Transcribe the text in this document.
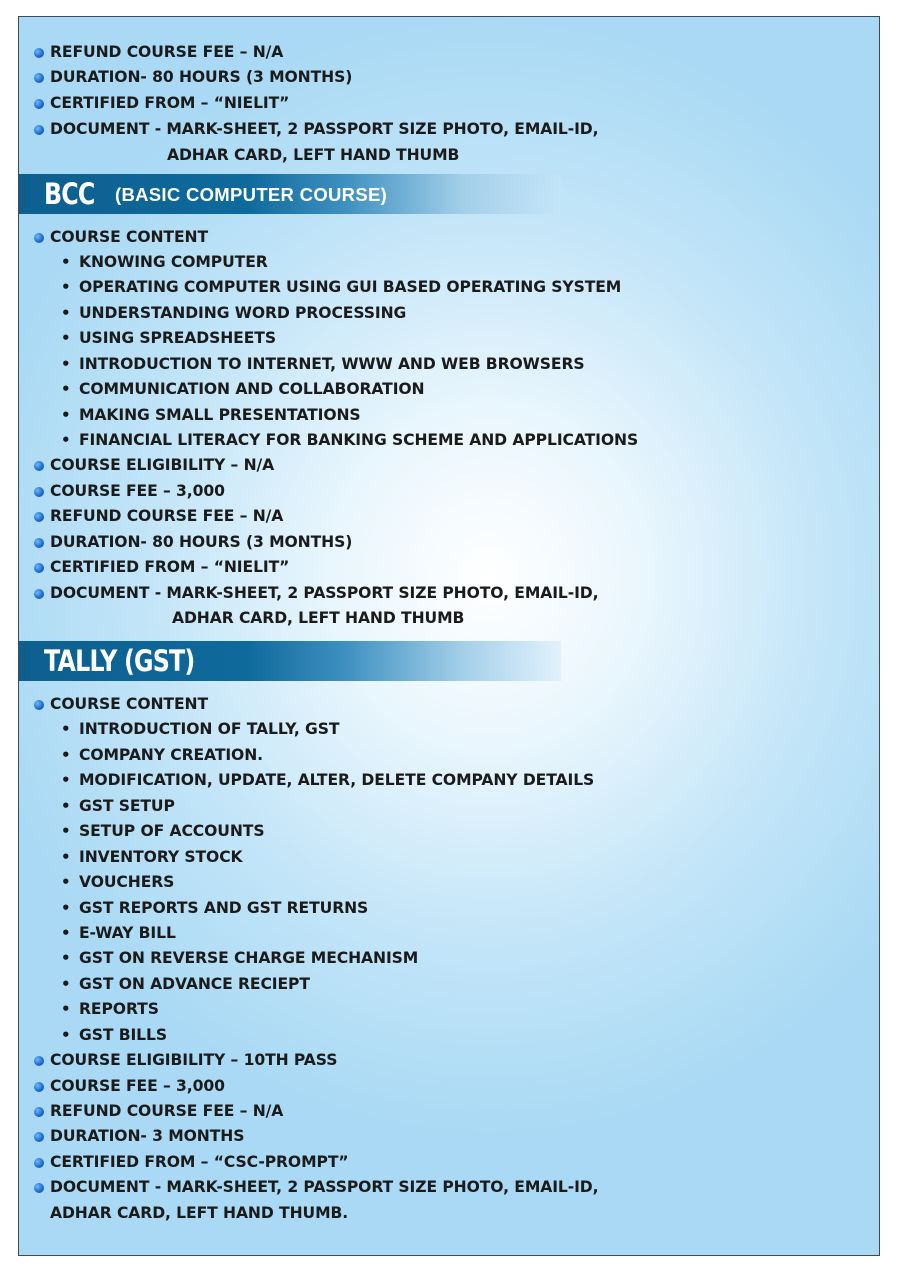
REFUND COURSE FEE – N/A
DURATION- 80 HOURS (3 MONTHS)
CERTIFIED FROM – “NIELIT”
DOCUMENT - MARK-SHEET, 2 PASSPORT SIZE PHOTO, EMAIL-ID,
ADHAR CARD, LEFT HAND THUMB
BCC (BASIC COMPUTER COURSE)
COURSE CONTENT
• KNOWING COMPUTER
• OPERATING COMPUTER USING GUI BASED OPERATING SYSTEM
• UNDERSTANDING WORD PROCESSING
• USING SPREADSHEETS
• INTRODUCTION TO INTERNET, WWW AND WEB BROWSERS
• COMMUNICATION AND COLLABORATION
• MAKING SMALL PRESENTATIONS
• FINANCIAL LITERACY FOR BANKING SCHEME AND APPLICATIONS
COURSE ELIGIBILITY – N/A
COURSE FEE – 3,000
REFUND COURSE FEE – N/A
DURATION- 80 HOURS (3 MONTHS)
CERTIFIED FROM – “NIELIT”
DOCUMENT - MARK-SHEET, 2 PASSPORT SIZE PHOTO, EMAIL-ID,
ADHAR CARD, LEFT HAND THUMB
TALLY (GST)
COURSE CONTENT
• INTRODUCTION OF TALLY, GST
• COMPANY CREATION.
• MODIFICATION, UPDATE, ALTER, DELETE COMPANY DETAILS
• GST SETUP
• SETUP OF ACCOUNTS
• INVENTORY STOCK
• VOUCHERS
• GST REPORTS AND GST RETURNS
• E-WAY BILL
• GST ON REVERSE CHARGE MECHANISM
• GST ON ADVANCE RECIEPT
• REPORTS
• GST BILLS
COURSE ELIGIBILITY – 10TH PASS
COURSE FEE – 3,000
REFUND COURSE FEE – N/A
DURATION- 3 MONTHS
CERTIFIED FROM – “CSC-PROMPT”
DOCUMENT - MARK-SHEET, 2 PASSPORT SIZE PHOTO, EMAIL-ID,
ADHAR CARD, LEFT HAND THUMB.
